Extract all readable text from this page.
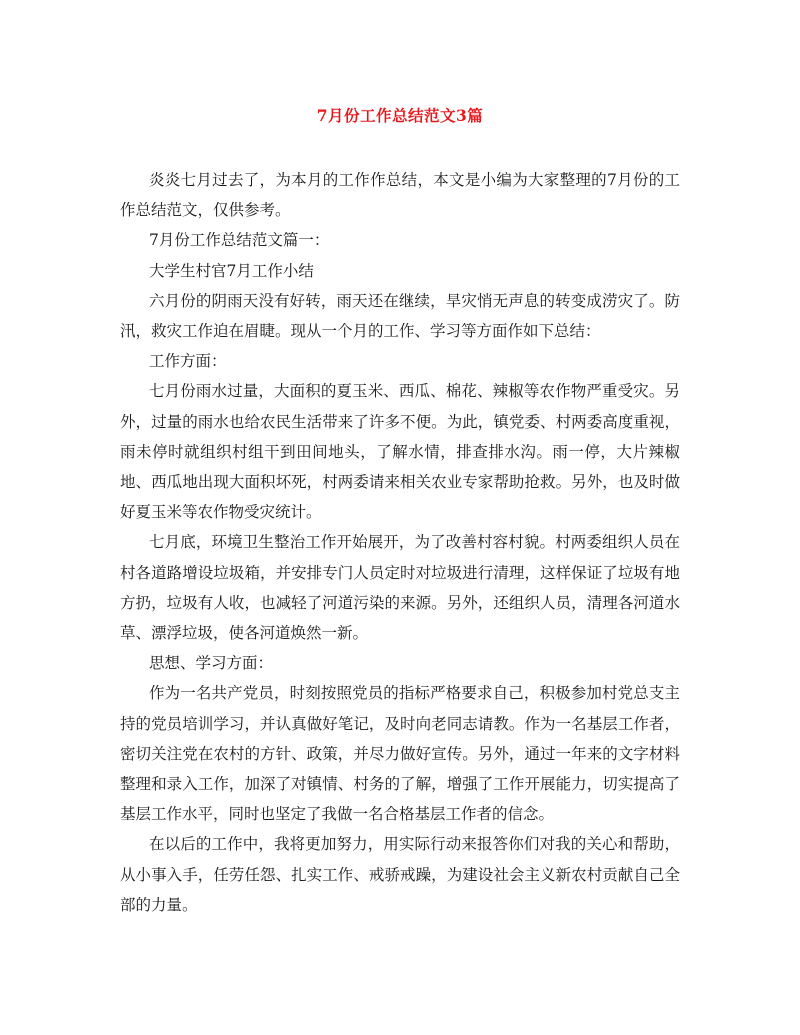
7月份工作总结范文3篇

炎炎七月过去了，为本月的工作作总结，本文是小编为大家整理的7月份的工作总结范文，仅供参考。

7月份工作总结范文篇一：

大学生村官7月工作小结

六月份的阴雨天没有好转，雨天还在继续，旱灾悄无声息的转变成涝灾了。防汛，救灾工作迫在眉睫。现从一个月的工作、学习等方面作如下总结：

工作方面：

七月份雨水过量，大面积的夏玉米、西瓜、棉花、辣椒等农作物严重受灾。另外，过量的雨水也给农民生活带来了许多不便。为此，镇党委、村两委高度重视，雨未停时就组织村组干到田间地头，了解水情，排查排水沟。雨一停，大片辣椒地、西瓜地出现大面积坏死，村两委请来相关农业专家帮助抢救。另外，也及时做好夏玉米等农作物受灾统计。

七月底，环境卫生整治工作开始展开，为了改善村容村貌。村两委组织人员在村各道路增设垃圾箱，并安排专门人员定时对垃圾进行清理，这样保证了垃圾有地方扔，垃圾有人收，也减轻了河道污染的来源。另外，还组织人员，清理各河道水草、漂浮垃圾，使各河道焕然一新。

思想、学习方面：

作为一名共产党员，时刻按照党员的指标严格要求自己，积极参加村党总支主持的党员培训学习，并认真做好笔记，及时向老同志请教。作为一名基层工作者，密切关注党在农村的方针、政策，并尽力做好宣传。另外，通过一年来的文字材料整理和录入工作，加深了对镇情、村务的了解，增强了工作开展能力，切实提高了基层工作水平，同时也坚定了我做一名合格基层工作者的信念。

在以后的工作中，我将更加努力，用实际行动来报答你们对我的关心和帮助，从小事入手，任劳任怨、扎实工作、戒骄戒躁，为建设社会主义新农村贡献自己全部的力量。
